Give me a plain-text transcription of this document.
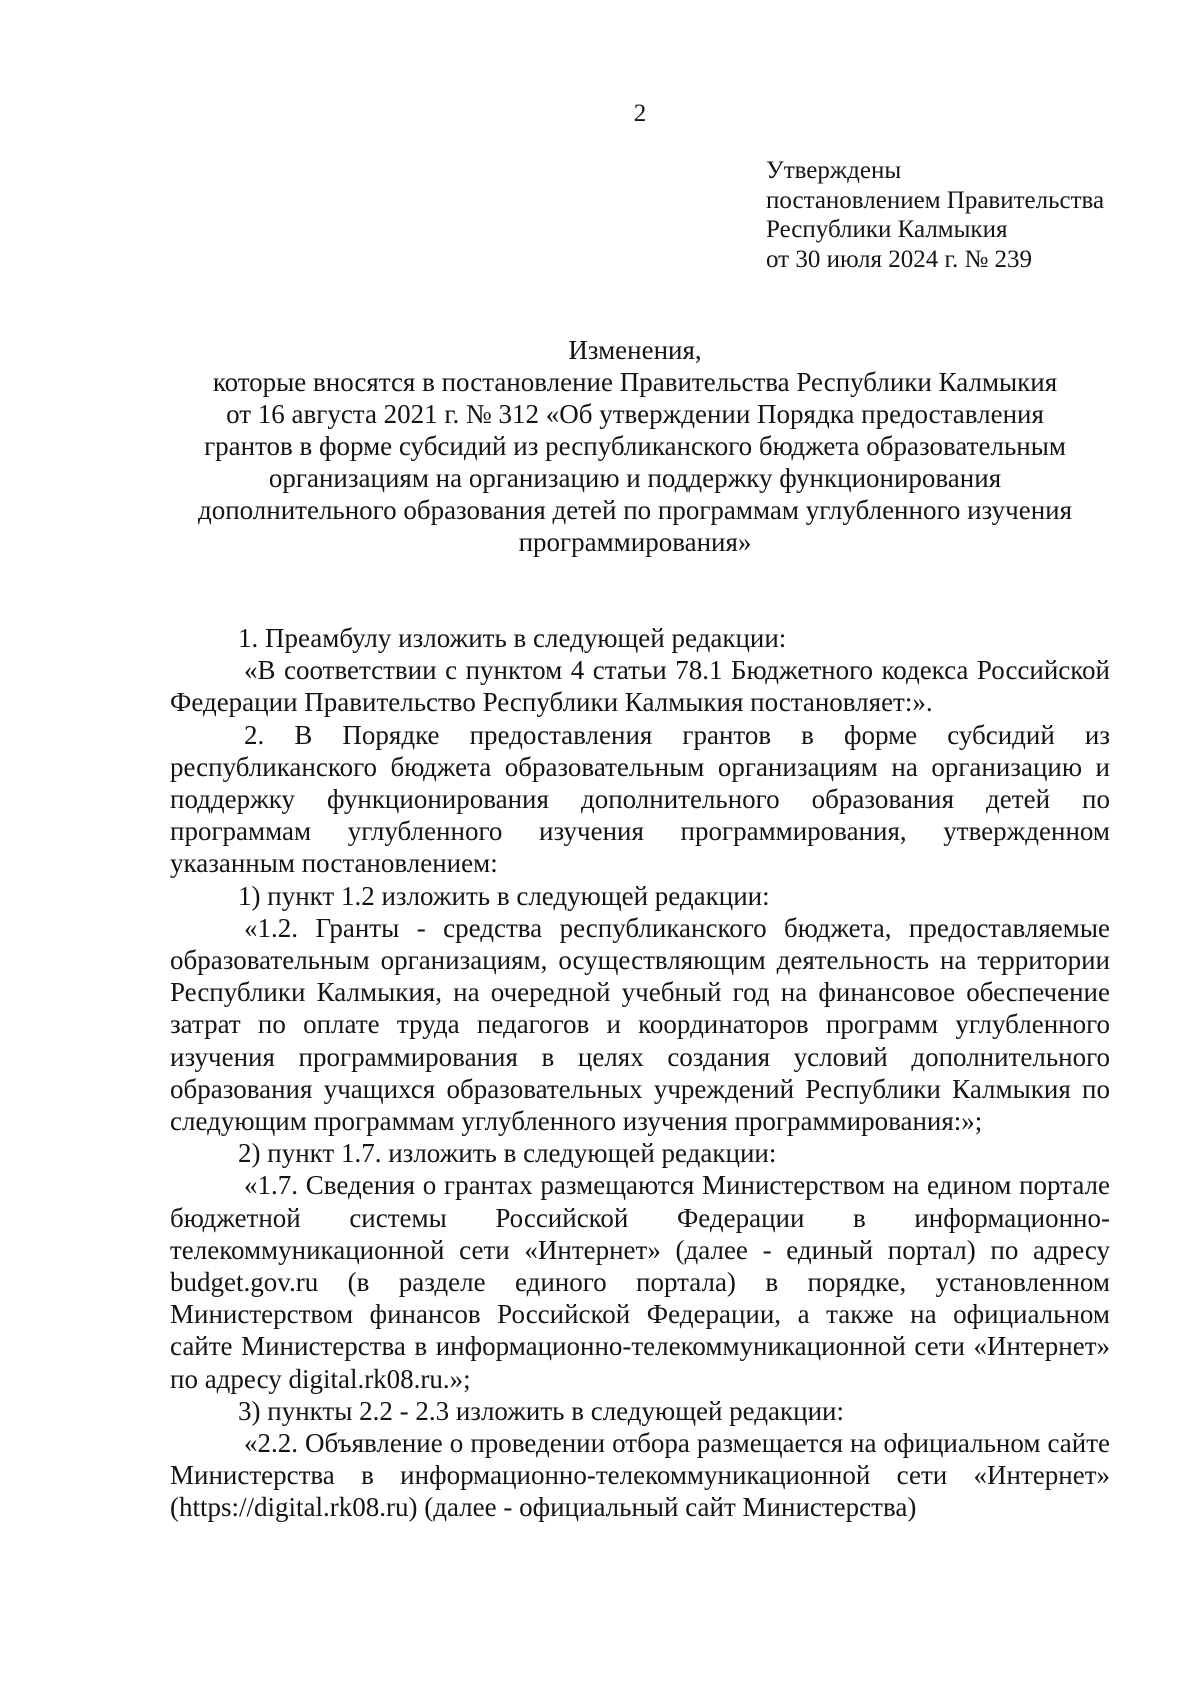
2
Утверждены
постановлением Правительства
Республики Калмыкия
от 30 июля 2024 г. № 239
Изменения,
которые вносятся в постановление Правительства Республики Калмыкия
от 16 августа 2021 г. № 312 «Об утверждении Порядка предоставления
грантов в форме субсидий из республиканского бюджета образовательным
организациям на организацию и поддержку функционирования
дополнительного образования детей по программам углубленного изучения
программирования»

1. Преамбулу изложить в следующей редакции:

«В соответствии с пунктом 4 статьи 78.1 Бюджетного кодекса Российской Федерации Правительство Республики Калмыкия постановляет:».

2. В Порядке предоставления грантов в форме субсидий из республиканского бюджета образовательным организациям на организацию и поддержку функционирования дополнительного образования детей по программам углубленного изучения программирования, утвержденном указанным постановлением:

1) пункт 1.2 изложить в следующей редакции:

«1.2. Гранты - средства республиканского бюджета, предоставляемые образовательным организациям, осуществляющим деятельность на территории Республики Калмыкия, на очередной учебный год на финансовое обеспечение затрат по оплате труда педагогов и координаторов программ углубленного изучения программирования в целях создания условий дополнительного образования учащихся образовательных учреждений Республики Калмыкия по следующим программам углубленного изучения программирования:»;

2) пункт 1.7. изложить в следующей редакции:

«1.7. Сведения о грантах размещаются Министерством на едином портале бюджетной системы Российской Федерации в информационно-телекоммуникационной сети «Интернет» (далее - единый портал) по адресу budget.gov.ru (в разделе единого портала) в порядке, установленном Министерством финансов Российской Федерации, а также на официальном сайте Министерства в информационно-телекоммуникационной сети «Интернет» по адресу digital.rk08.ru.»;

3) пункты 2.2 - 2.3 изложить в следующей редакции:

«2.2. Объявление о проведении отбора размещается на официальном сайте Министерства в информационно-телекоммуникационной сети «Интернет» (https://digital.rk08.ru) (далее - официальный сайт Министерства)
